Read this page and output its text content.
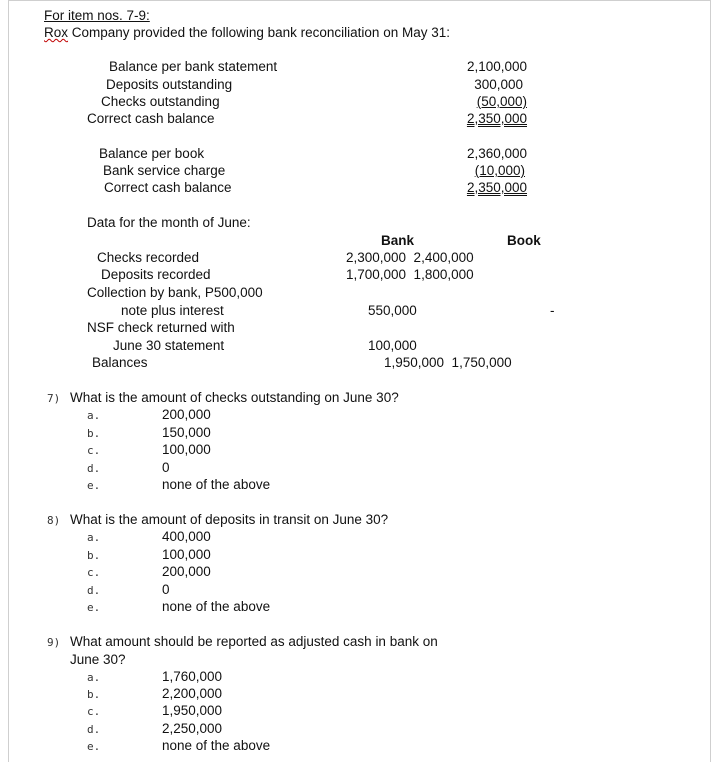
For item nos. 7-9:
Rox Company provided the following bank reconciliation on May 31:
Balance per bank statement	2,100,000
Deposits outstanding	300,000
Checks outstanding	(50,000)
Correct cash balance	2,350,000
Balance per book	2,360,000
Bank service charge	(10,000)
Correct cash balance	2,350,000
Data for the month of June:
Bank	Book
Checks recorded	2,300,000  2,400,000
Deposits recorded	1,700,000  1,800,000
Collection by bank, P500,000
note plus interest	550,000	-
NSF check returned with
June 30 statement	100,000
Balances	1,950,000  1,750,000
7) What is the amount of checks outstanding on June 30?
a.	200,000
b.	150,000
c.	100,000
d.	0
e.	none of the above
8) What is the amount of deposits in transit on June 30?
a.	400,000
b.	100,000
c.	200,000
d.	0
e.	none of the above
9) What amount should be reported as adjusted cash in bank on
June 30?
a.	1,760,000
b.	2,200,000
c.	1,950,000
d.	2,250,000
e.	none of the above
